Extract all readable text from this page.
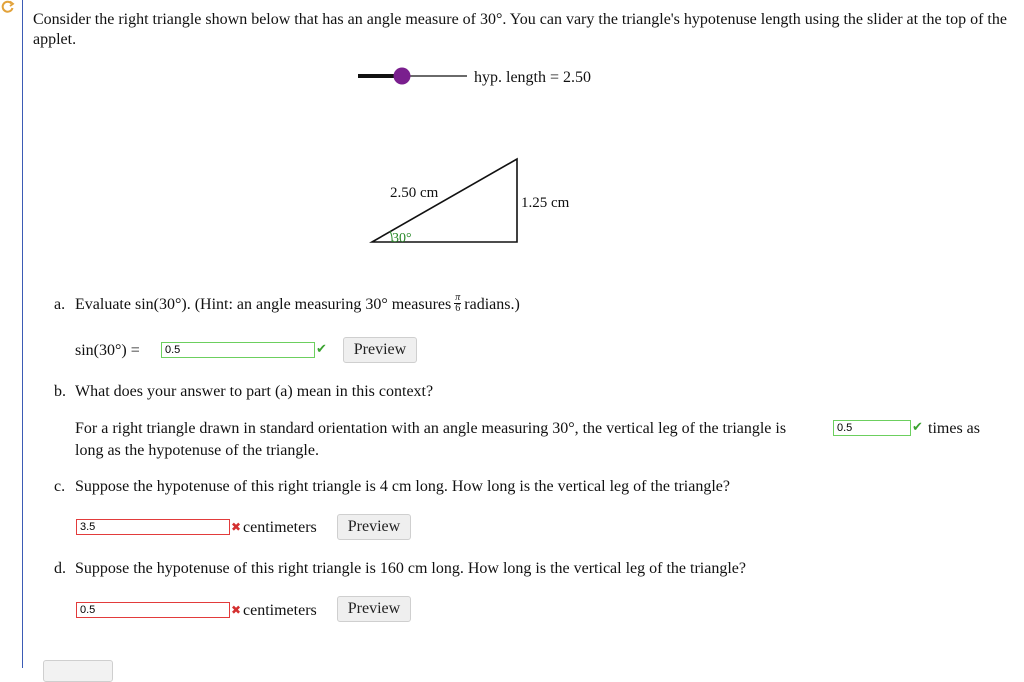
Consider the right triangle shown below that has an angle measure of 30°. You can vary the triangle's hypotenuse length using the slider at the top of the applet.
hyp. length = 2.50
2.50 cm
1.25 cm
30°
a. Evaluate sin(30°). (Hint: an angle measuring 30° measures $\frac{\pi}{6}$ radians.)
sin(30°) =	0.5	✔	Preview
b. What does your answer to part (a) mean in this context?
For a right triangle drawn in standard orientation with an angle measuring 30°, the vertical leg of the triangle is	0.5	✔ times as
long as the hypotenuse of the triangle.
c. Suppose the hypotenuse of this right triangle is 4 cm long. How long is the vertical leg of the triangle?
3.5	✖ centimeters	Preview
d. Suppose the hypotenuse of this right triangle is 160 cm long. How long is the vertical leg of the triangle?
0.5	✖ centimeters	Preview
